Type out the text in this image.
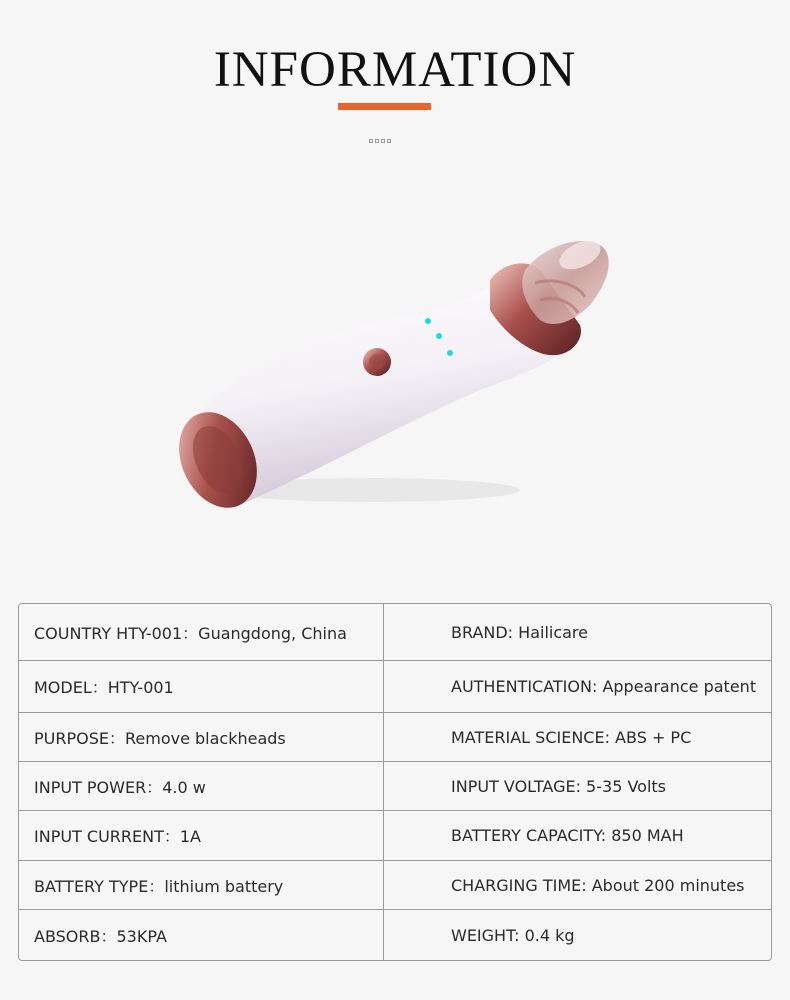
INFORMATION
COUNTRY HTY-001：Guangdong, China	BRAND: Hailicare
MODEL：HTY-001	AUTHENTICATION: Appearance patent
PURPOSE：Remove blackheads	MATERIAL SCIENCE: ABS + PC
INPUT POWER：4.0 w	INPUT VOLTAGE: 5-35 Volts
INPUT CURRENT：1A	BATTERY CAPACITY: 850 MAH
BATTERY TYPE：lithium battery	CHARGING TIME: About 200 minutes
ABSORB：53KPA	WEIGHT: 0.4 kg
